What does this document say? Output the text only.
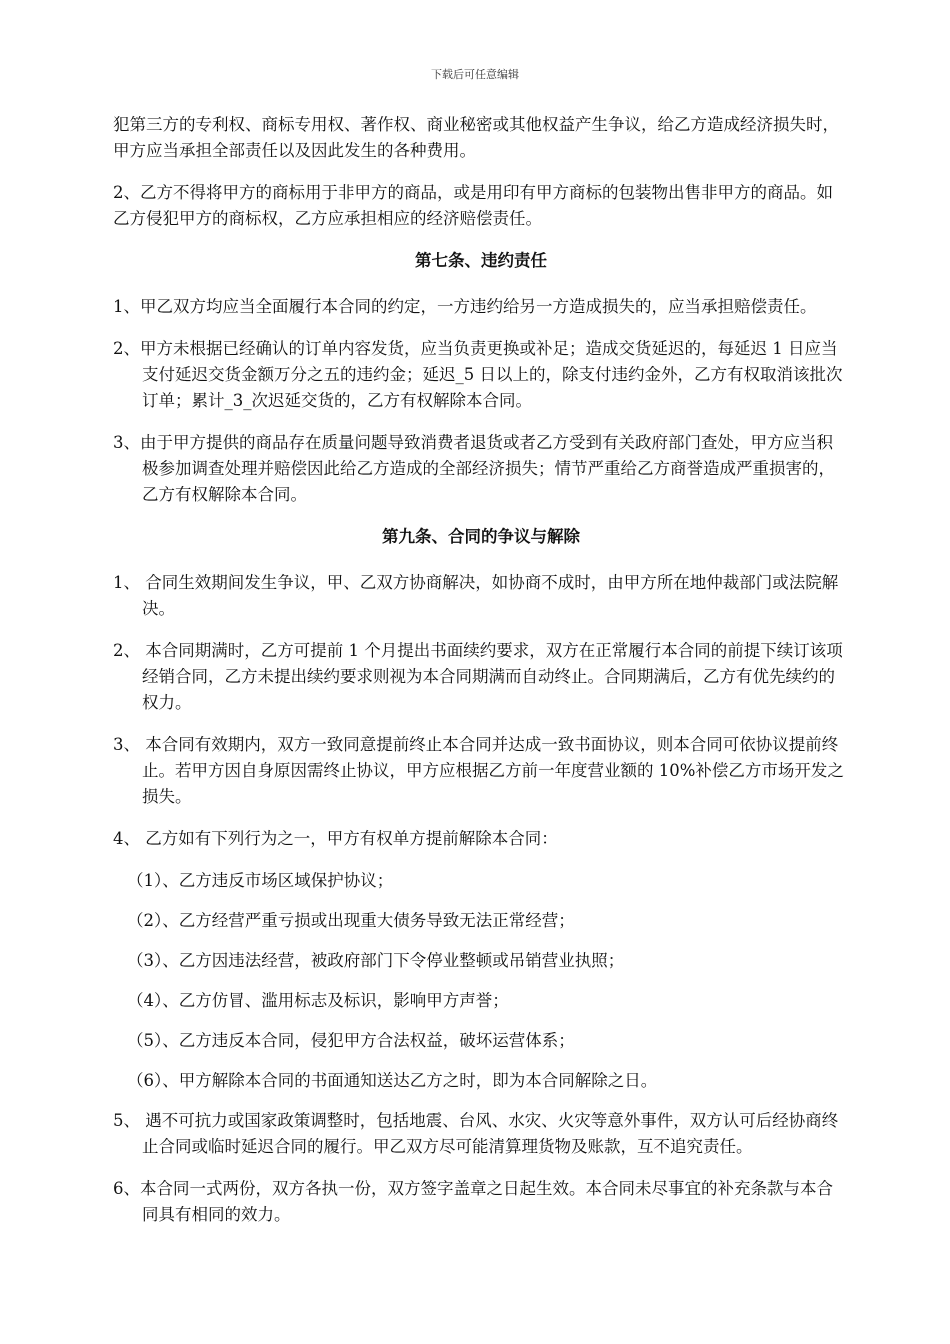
下载后可任意编辑

犯第三方的专利权、商标专用权、著作权、商业秘密或其他权益产生争议，给乙方造成经济损失时，甲方应当承担全部责任以及因此发生的各种费用。

2、乙方不得将甲方的商标用于非甲方的商品，或是用印有甲方商标的包装物出售非甲方的商品。如乙方侵犯甲方的商标权，乙方应承担相应的经济赔偿责任。

第七条、违约责任

1、甲乙双方均应当全面履行本合同的约定，一方违约给另一方造成损失的，应当承担赔偿责任。

2、甲方未根据已经确认的订单内容发货，应当负责更换或补足；造成交货延迟的，每延迟 1 日应当支付延迟交货金额万分之五的违约金；延迟_5 日以上的，除支付违约金外，乙方有权取消该批次订单；累计_3_次迟延交货的，乙方有权解除本合同。

3、由于甲方提供的商品存在质量问题导致消费者退货或者乙方受到有关政府部门查处，甲方应当积极参加调查处理并赔偿因此给乙方造成的全部经济损失；情节严重给乙方商誉造成严重损害的，乙方有权解除本合同。

第九条、合同的争议与解除

1、 合同生效期间发生争议，甲、乙双方协商解决，如协商不成时，由甲方所在地仲裁部门或法院解决。

2、 本合同期满时，乙方可提前 1 个月提出书面续约要求，双方在正常履行本合同的前提下续订该项经销合同，乙方未提出续约要求则视为本合同期满而自动终止。合同期满后，乙方有优先续约的权力。

3、 本合同有效期内，双方一致同意提前终止本合同并达成一致书面协议，则本合同可依协议提前终止。若甲方因自身原因需终止协议，甲方应根据乙方前一年度营业额的 10%补偿乙方市场开发之损失。

4、 乙方如有下列行为之一，甲方有权单方提前解除本合同：

（1）、乙方违反市场区域保护协议；

（2）、乙方经营严重亏损或出现重大债务导致无法正常经营；

（3）、乙方因违法经营，被政府部门下令停业整顿或吊销营业执照；

（4）、乙方仿冒、滥用标志及标识，影响甲方声誉；

（5）、乙方违反本合同，侵犯甲方合法权益，破坏运营体系；

（6）、甲方解除本合同的书面通知送达乙方之时，即为本合同解除之日。

5、 遇不可抗力或国家政策调整时，包括地震、台风、水灾、火灾等意外事件，双方认可后经协商终止合同或临时延迟合同的履行。甲乙双方尽可能清算理货物及账款，互不追究责任。

6、本合同一式两份，双方各执一份，双方签字盖章之日起生效。本合同未尽事宜的补充条款与本合同具有相同的效力。
